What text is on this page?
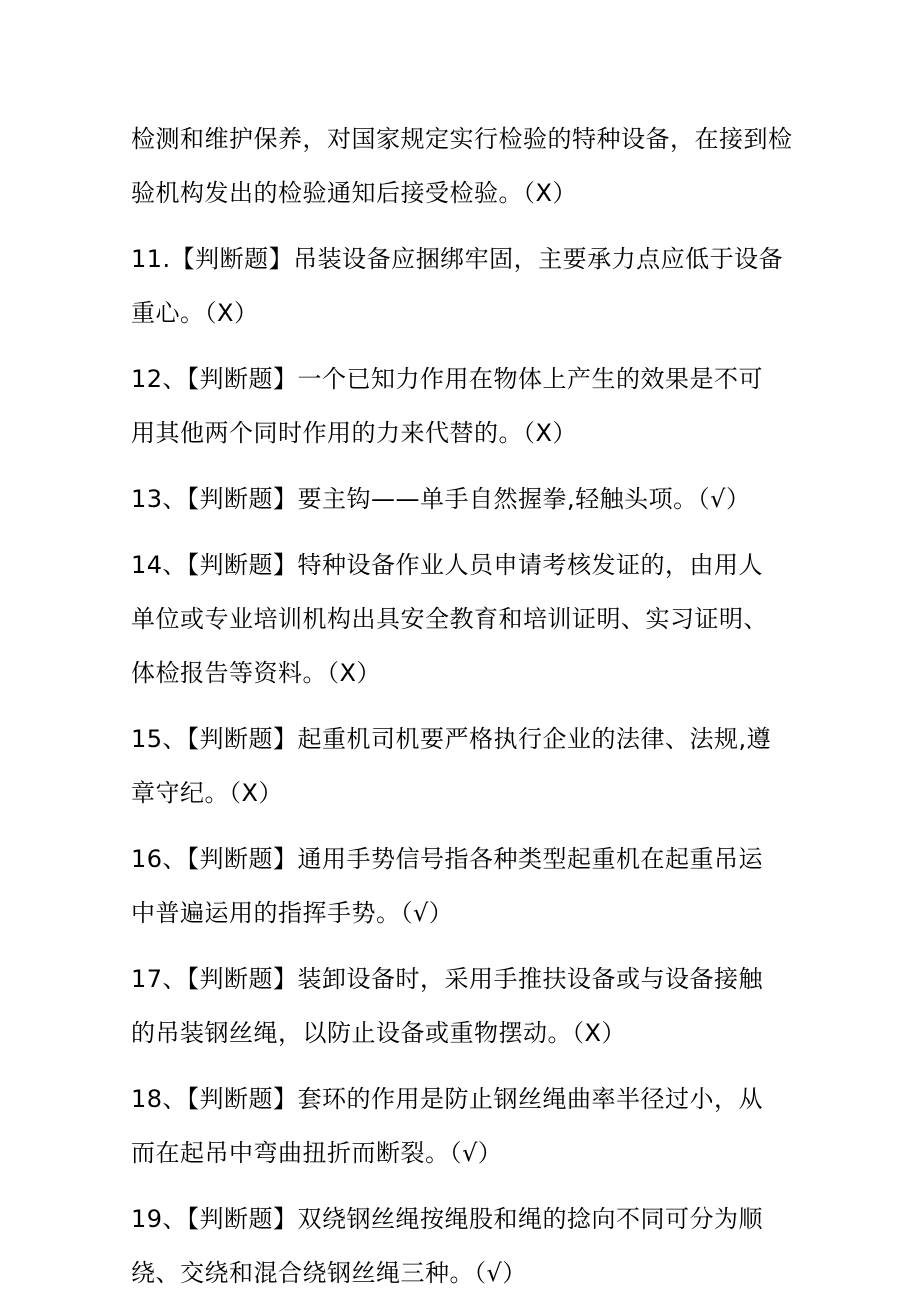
检测和维护保养，对国家规定实行检验的特种设备，在接到检
验机构发出的检验通知后接受检验。（X）

11.【判断题】吊装设备应捆绑牢固，主要承力点应低于设备
重心。（X）

12、【判断题】一个已知力作用在物体上产生的效果是不可
用其他两个同时作用的力来代替的。（X）

13、【判断题】要主钩——单手自然握拳,轻触头项。（√）

14、【判断题】特种设备作业人员申请考核发证的，由用人
单位或专业培训机构出具安全教育和培训证明、实习证明、
体检报告等资料。（X）

15、【判断题】起重机司机要严格执行企业的法律、法规,遵
章守纪。（X）

16、【判断题】通用手势信号指各种类型起重机在起重吊运
中普遍运用的指挥手势。（√）

17、【判断题】装卸设备时，采用手推扶设备或与设备接触
的吊装钢丝绳，以防止设备或重物摆动。（X）

18、【判断题】套环的作用是防止钢丝绳曲率半径过小，从
而在起吊中弯曲扭折而断裂。（√）

19、【判断题】双绕钢丝绳按绳股和绳的捻向不同可分为顺
绕、交绕和混合绕钢丝绳三种。（√）
